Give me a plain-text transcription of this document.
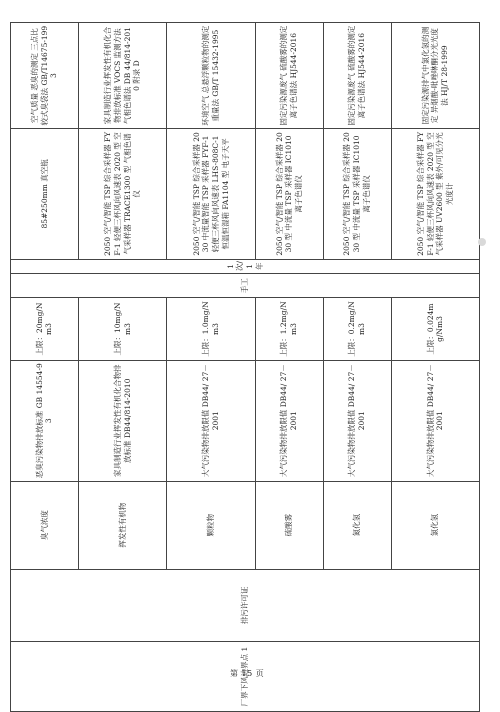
厂界下风边界点 1	排污许可证	臭气浓度	恶臭污染物排放标准 GB 14554-93	上限：20mg/Nm3	手工	1 次/1 年	85#250mm 真空瓶	空气质量 恶臭的测定 三点比较式臭袋法 GB/T14675-1993
		挥发性有机物	家具制造行业挥发性有机化合物排放标准 DB44/814-2010	上限：10mg/Nm3			2050 空气/智能 TSP 综合采样器 FYF-1 轻便三杯风向风速表 2020 型 空气采样器 TRACE1300 型 气相色谱仪	家具制造行业挥发性有机化合物排放标准 VOCS 监测方法 气相色谱法 DB 44/814-2010 附录 D
		颗粒物	大气污染物排放限值 DB44/ 27－2001	上限：1.0mg/Nm3			2050 空气/智能 TSP 综合采样器 2030 中流量智能 TSP 采样器 FYF-1 轻便三杯风向风速表 LHS-808C-1 恒温恒湿箱 FA1104 型 电子天平	环境空气 总悬浮颗粒物的测定 重量法 GB/T 15432-1995
		硫酸雾	大气污染物排放限值 DB44/ 27－2001	上限：1.2mg/Nm3			2050 空气/智能 TSP 综合采样器 2030 型 中流量 TSP 采样器 IC1010 离子色谱仪	固定污染源废气 硫酸雾的测定 离子色谱法 HJ544-2016
		氮化氢	大气污染物排放限值 DB44/ 27－2001	上限：0.2mg/Nm3			2050 空气/智能 TSP 综合采样器 2030 型 中流量 TSP 采样器 IC1010 离子色谱仪	固定污染源废气 硫酸雾的测定 离子色谱法 HJ544-2016
		氯化氢	大气污染物排放限值 DB44/ 27－2001	上限：0.024mg/Nm3			2050 空气/智能 TSP 综合采样器 FYF-1 轻便三杯风向风速表 2020 型 空气采样器 UV2600 型 紫外/可见分光光度计	固定污染源排气中氯化氢的测定 异烟酸-吡唑啉酮分光光度法 HJ/T 28-1999
第 15 页
